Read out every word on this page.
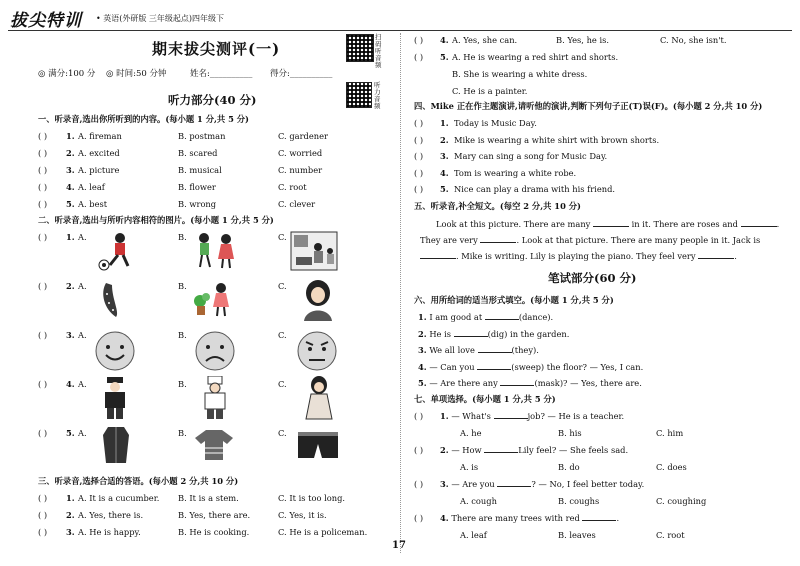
拔尖特训 • 英语(外研版 三年级起点)四年级下
期末拔尖测评(一)
扫码听音频
听力音频
◎ 满分:100 分 ◎ 时间:50 分钟	姓名:__________ 得分:__________
听力部分(40 分)
一、听录音,选出你所听到的内容。(每小题 1 分,共 5 分)
( ) 1. A. fireman	B. postman	C. gardener
( ) 2. A. excited	B. scared	C. worried
( ) 3. A. picture	B. musical	C. number
( ) 4. A. leaf	B. flower	C. root
( ) 5. A. best	B. wrong	C. clever
二、听录音,选出与所听内容相符的图片。(每小题 1 分,共 5 分)
( ) 1. A.	B.	C.
( ) 2. A.	B.	C.
( ) 3. A.	B.	C.
( ) 4. A.	B.	C.
( ) 5. A.	B.	C.
三、听录音,选择合适的答语。(每小题 2 分,共 10 分)
( ) 1. A. It is a cucumber. B. It is a stem.	C. It is too long.
( ) 2. A. Yes, there is.	B. Yes, there are.	C. Yes, it is.
( ) 3. A. He is happy.	B. He is cooking.	C. He is a policeman.
( ) 4. A. Yes, she can.	B. Yes, he is.	C. No, she isn't.
( ) 5. A. He is wearing a red shirt and shorts.
B. She is wearing a white dress.
C. He is a painter.
四、Mike 正在作主题演讲,请听他的演讲,判断下列句子正(T)误(F)。(每小题 2 分,共 10 分)
( ) 1. Today is Music Day.
( ) 2. Mike is wearing a white shirt with brown shorts.
( ) 3. Mary can sing a song for Music Day.
( ) 4. Tom is wearing a white robe.
( ) 5. Nice can play a drama with his friend.
五、听录音,补全短文。(每空 2 分,共 10 分)
Look at this picture. There are many	in it. There are roses and	.
They are very	. Look at that picture. There are many people in it. Jack is
. Mike is writing. Lily is playing the piano. They feel very	.
笔试部分(60 分)
六、用所给词的适当形式填空。(每小题 1 分,共 5 分)
1. I am good at	(dance).
2. He is	(dig) in the garden.
3. We all love	(they).
4. — Can you	(sweep) the floor? — Yes, I can.
5. — Are there any	(mask)? — Yes, there are.
七、单项选择。(每小题 1 分,共 5 分)
( ) 1. — What's	job? — He is a teacher.
A. he	B. his	C. him
( ) 2. — How	Lily feel? — She feels sad.
A. is	B. do	C. does
( ) 3. — Are you	? — No, I feel better today.
A. cough	B. coughs	C. coughing
( ) 4. There are many trees with red	.
A. leaf	B. leaves	C. root
17
